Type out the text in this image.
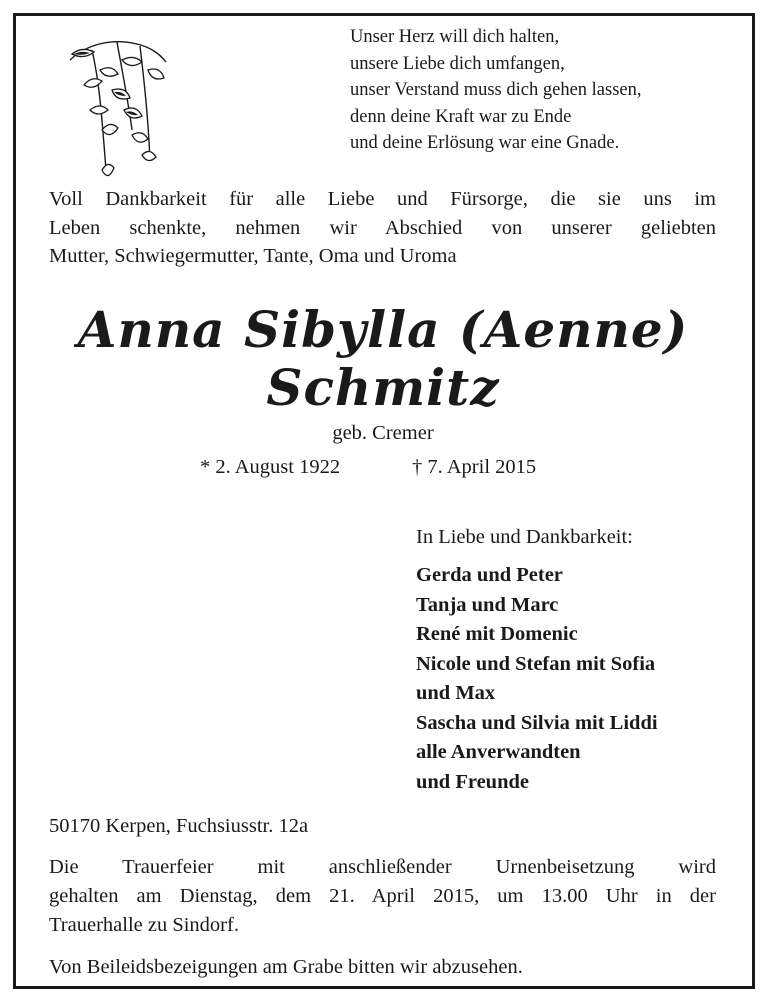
Unser Herz will dich halten,
unsere Liebe dich umfangen,
unser Verstand muss dich gehen lassen,
denn deine Kraft war zu Ende
und deine Erlösung war eine Gnade.
Voll Dankbarkeit für alle Liebe und Fürsorge, die sie uns im
Leben schenkte, nehmen wir Abschied von unserer geliebten
Mutter, Schwiegermutter, Tante, Oma und Uroma
Anna Sibylla (Aenne)
Schmitz
geb. Cremer
* 2. August 1922	† 7. April 2015
In Liebe und Dankbarkeit:
Gerda und Peter
Tanja und Marc
René mit Domenic
Nicole und Stefan mit Sofia
und Max
Sascha und Silvia mit Liddi
alle Anverwandten
und Freunde
50170 Kerpen, Fuchsiusstr. 12a
Die Trauerfeier mit anschließender Urnenbeisetzung wird
gehalten am Dienstag, dem 21. April 2015, um 13.00 Uhr in der
Trauerhalle zu Sindorf.
Von Beileidsbezeigungen am Grabe bitten wir abzusehen.
